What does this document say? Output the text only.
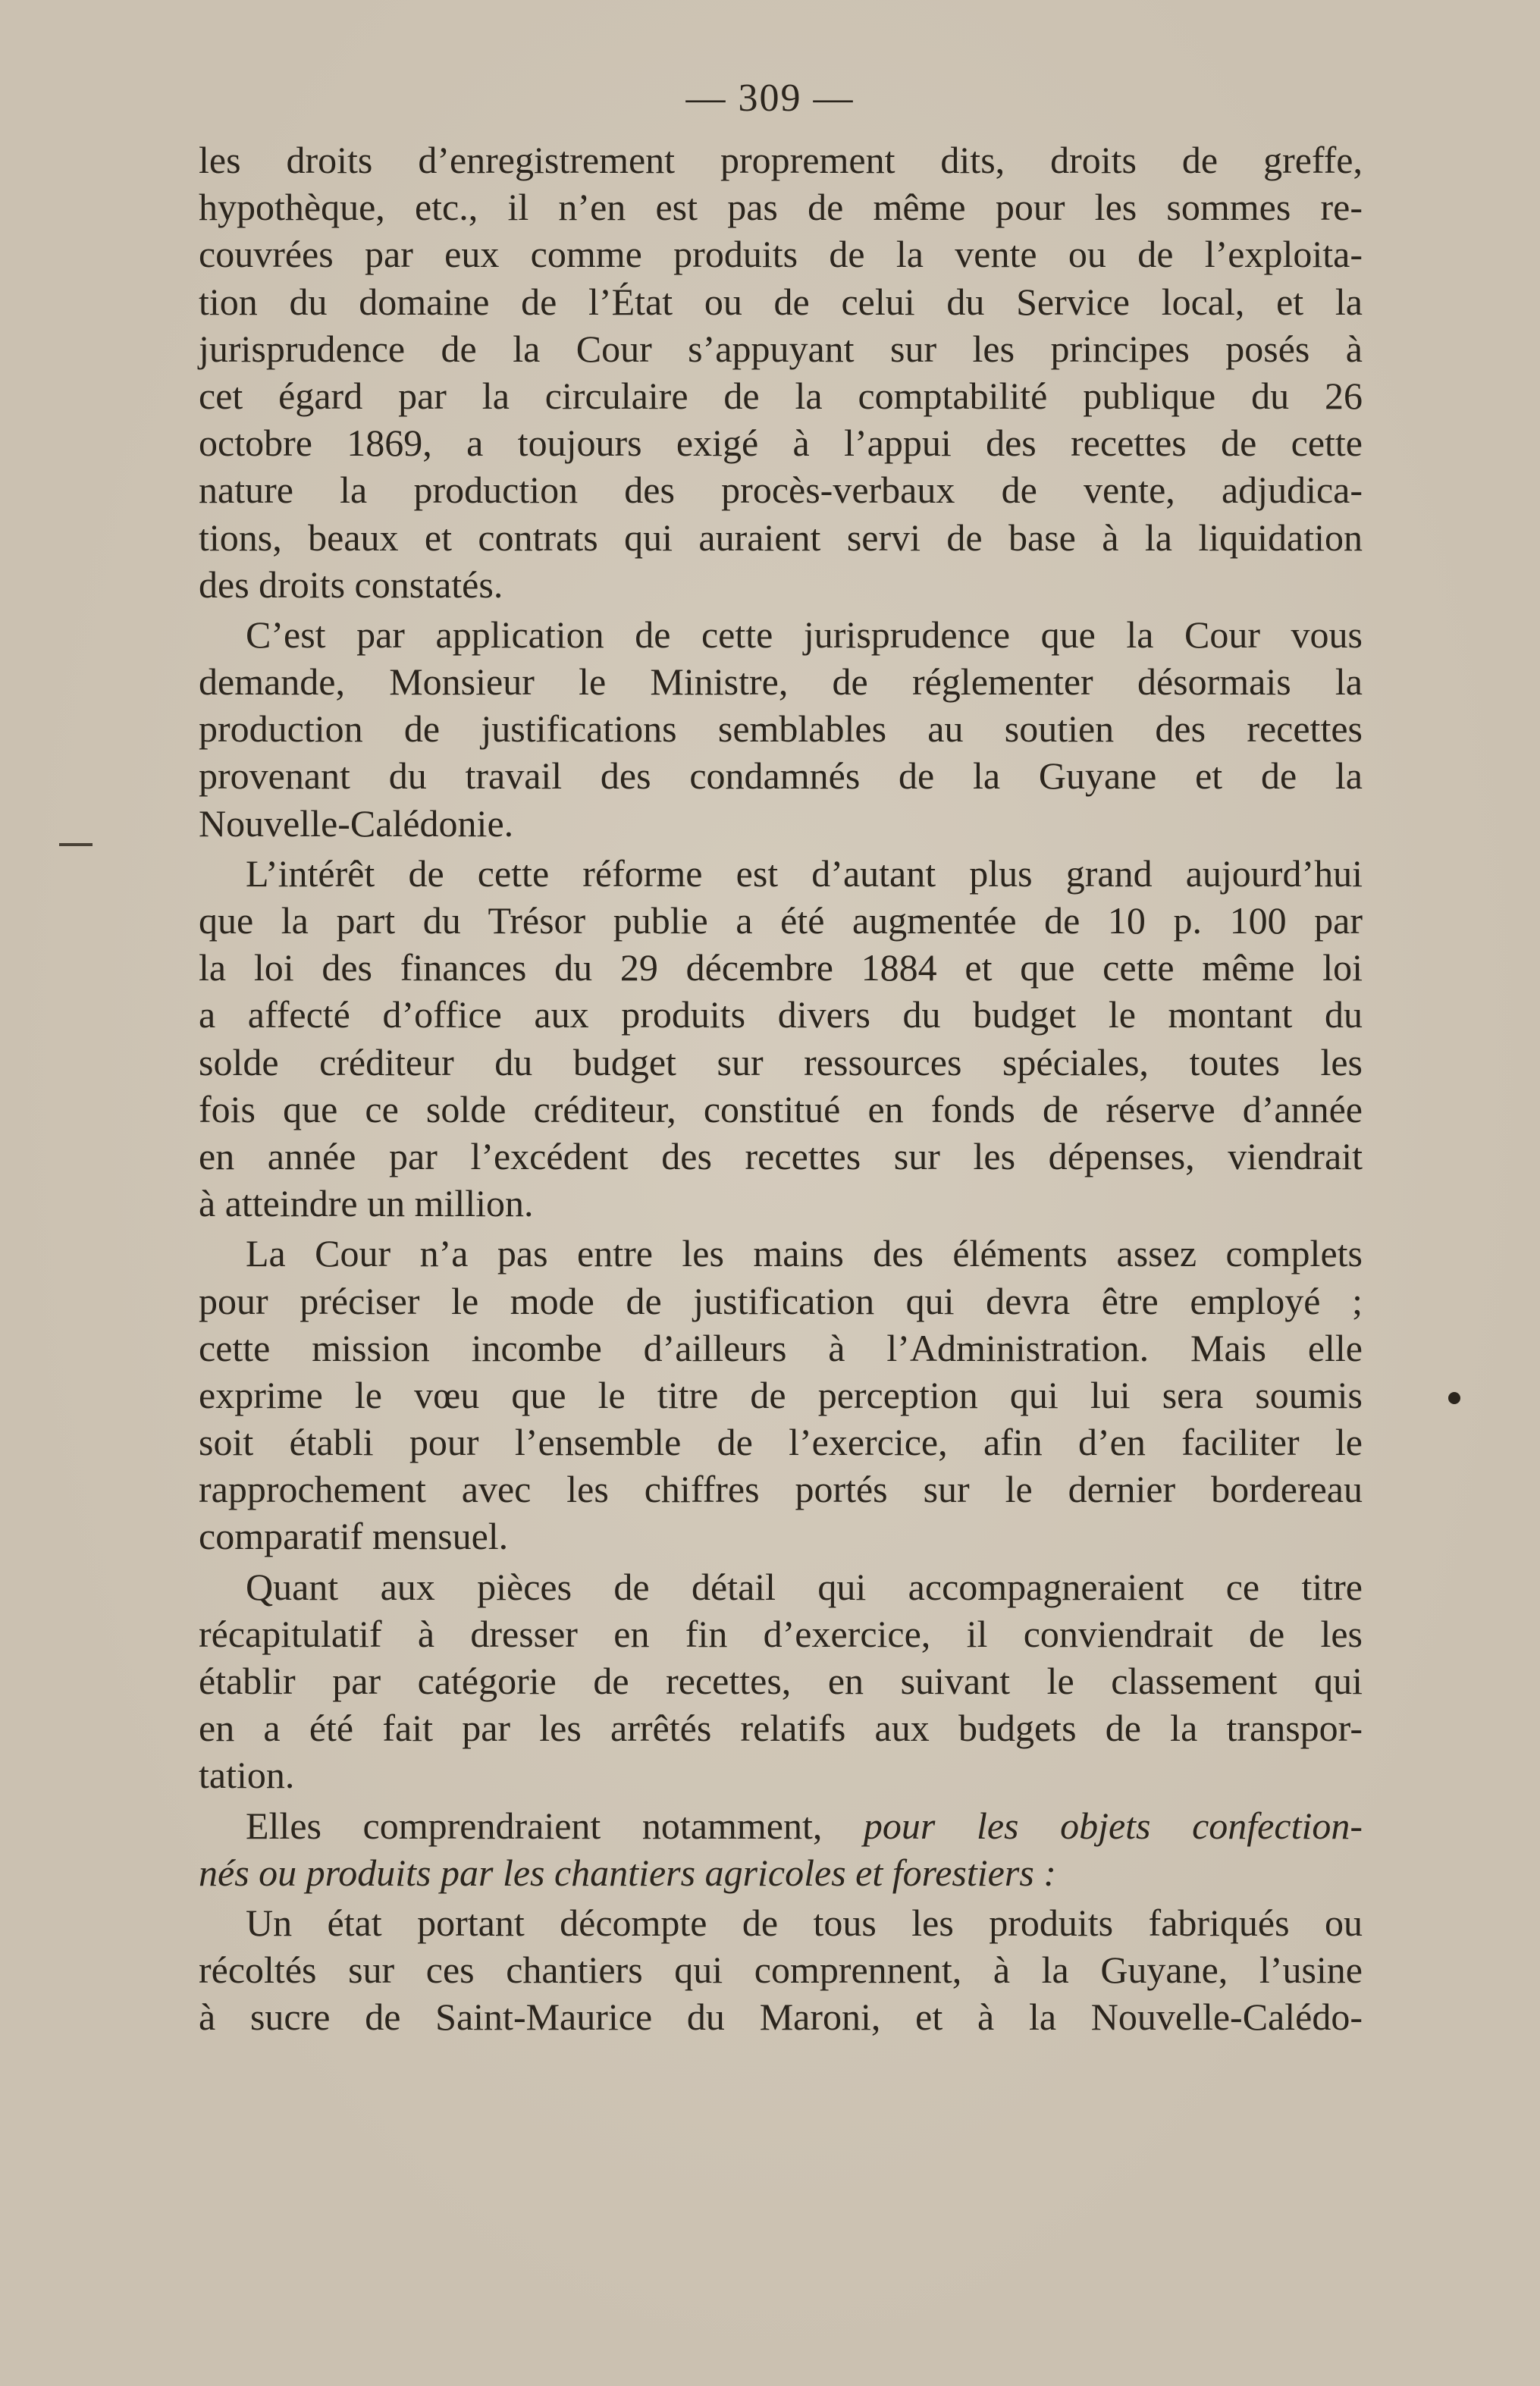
— 309 —
les droits d’enregistrement proprement dits, droits de greffe,
hypothèque, etc., il n’en est pas de même pour les sommes re-
couvrées par eux comme produits de la vente ou de l’exploita-
tion du domaine de l’État ou de celui du Service local, et la
jurisprudence de la Cour s’appuyant sur les principes posés à
cet égard par la circulaire de la comptabilité publique du 26
octobre 1869, a toujours exigé à l’appui des recettes de cette
nature la production des procès-verbaux de vente, adjudica-
tions, beaux et contrats qui auraient servi de base à la liquidation
des droits constatés.
C’est par application de cette jurisprudence que la Cour vous
demande, Monsieur le Ministre, de réglementer désormais la
production de justifications semblables au soutien des recettes
provenant du travail des condamnés de la Guyane et de la
Nouvelle-Calédonie.
L’intérêt de cette réforme est d’autant plus grand aujourd’hui
que la part du Trésor publie a été augmentée de 10 p. 100 par
la loi des finances du 29 décembre 1884 et que cette même loi
a affecté d’office aux produits divers du budget le montant du
solde créditeur du budget sur ressources spéciales, toutes les
fois que ce solde créditeur, constitué en fonds de réserve d’année
en année par l’excédent des recettes sur les dépenses, viendrait
à atteindre un million.
La Cour n’a pas entre les mains des éléments assez complets
pour préciser le mode de justification qui devra être employé ;
cette mission incombe d’ailleurs à l’Administration. Mais elle
exprime le vœu que le titre de perception qui lui sera soumis
soit établi pour l’ensemble de l’exercice, afin d’en faciliter le
rapprochement avec les chiffres portés sur le dernier bordereau
comparatif mensuel.
Quant aux pièces de détail qui accompagneraient ce titre
récapitulatif à dresser en fin d’exercice, il conviendrait de les
établir par catégorie de recettes, en suivant le classement qui
en a été fait par les arrêtés relatifs aux budgets de la transpor-
tation.
Elles comprendraient notamment, pour les objets confection-
nés ou produits par les chantiers agricoles et forestiers :
Un état portant décompte de tous les produits fabriqués ou
récoltés sur ces chantiers qui comprennent, à la Guyane, l’usine
à sucre de Saint-Maurice du Maroni, et à la Nouvelle-Calédo-
